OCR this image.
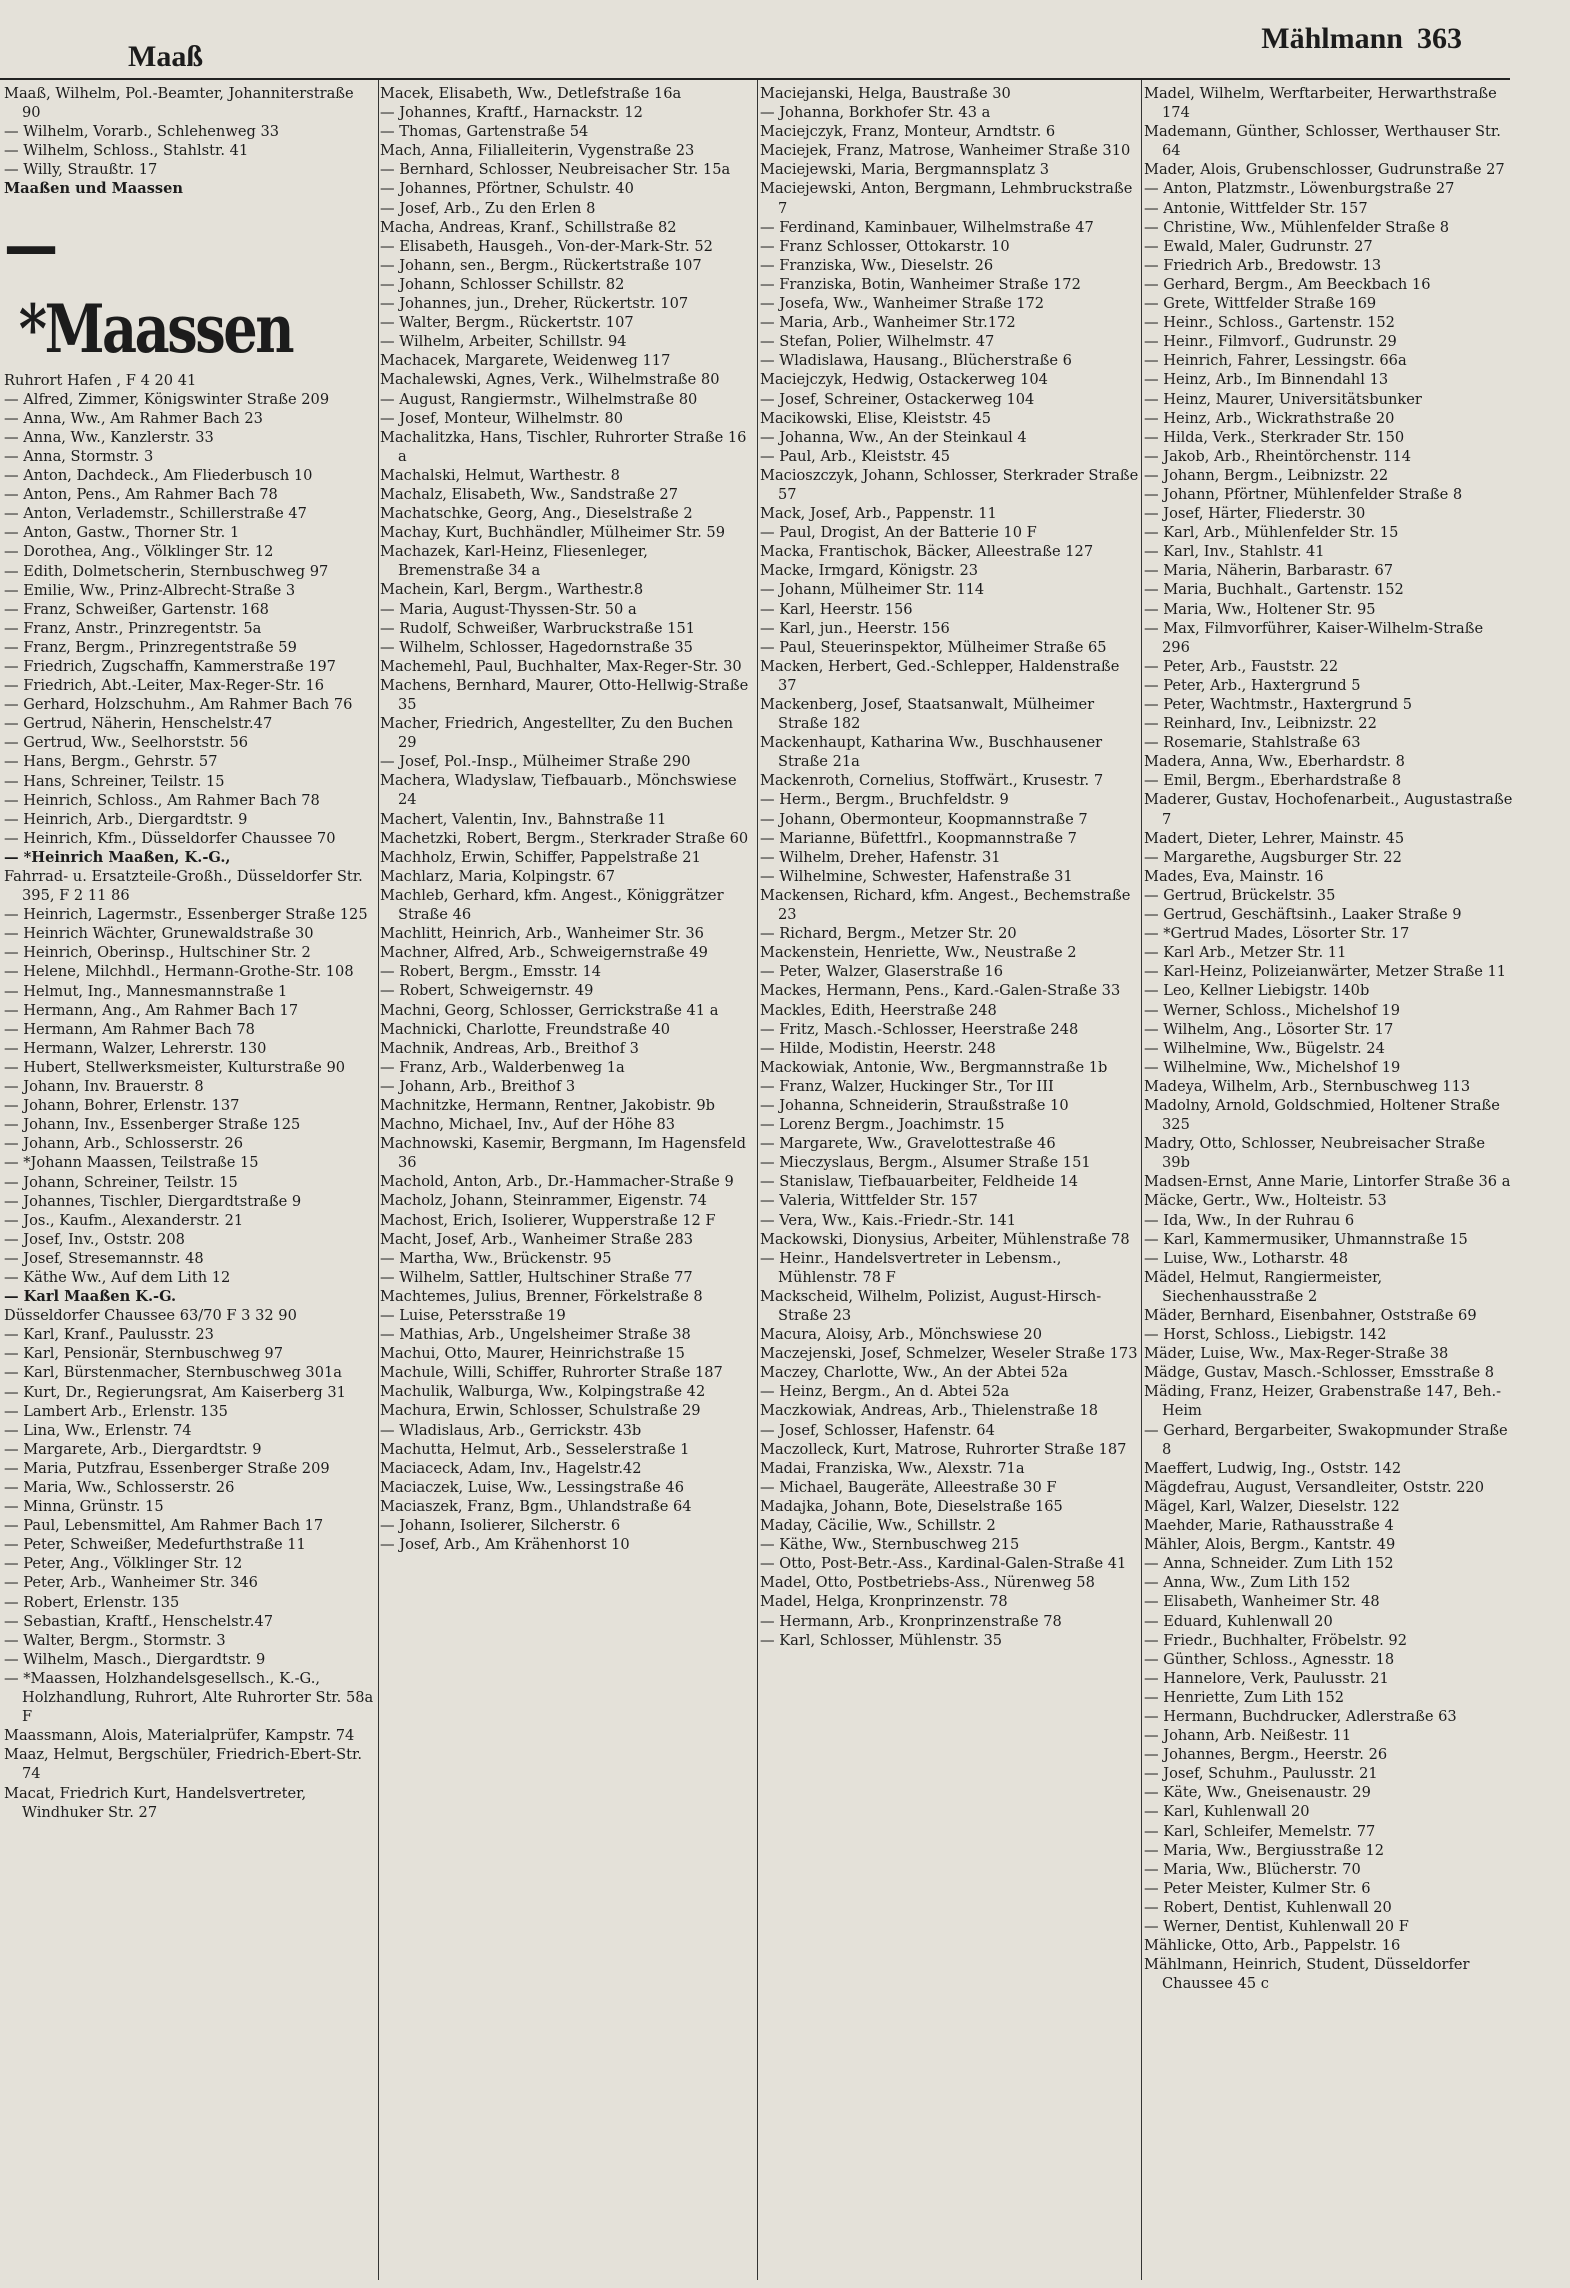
Maaß
Mählmann 363

Maaß, Wilhelm, Pol.-Beamter, Johanniterstraße 90

— Wilhelm, Vorarb., Schlehenweg 33

— Wilhelm, Schloss., Stahlstr. 41

— Willy, Straußtr. 17

Maaßen und Maassen

—*Maassen

Ruhrort Hafen , F 4 20 41

— Alfred, Zimmer, Königswinter Straße 209

— Anna, Ww., Am Rahmer Bach 23

— Anna, Ww., Kanzlerstr. 33

— Anna, Stormstr. 3

— Anton, Dachdeck., Am Fliederbusch 10

— Anton, Pens., Am Rahmer Bach 78

— Anton, Verlademstr., Schillerstraße 47

— Anton, Gastw., Thorner Str. 1

— Dorothea, Ang., Völklinger Str. 12

— Edith, Dolmetscherin, Sternbuschweg 97

— Emilie, Ww., Prinz-Albrecht-Straße 3

— Franz, Schweißer, Gartenstr. 168

— Franz, Anstr., Prinzregentstr. 5a

— Franz, Bergm., Prinzregentstraße 59

— Friedrich, Zugschaffn, Kammerstraße 197

— Friedrich, Abt.-Leiter, Max-Reger-Str. 16

— Gerhard, Holzschuhm., Am Rahmer Bach 76

— Gertrud, Näherin, Henschelstr.47

— Gertrud, Ww., Seelhorststr. 56

— Hans, Bergm., Gehrstr. 57

— Hans, Schreiner, Teilstr. 15

— Heinrich, Schloss., Am Rahmer Bach 78

— Heinrich, Arb., Diergardtstr. 9

— Heinrich, Kfm., Düsseldorfer Chaussee 70

— *Heinrich Maaßen, K.-G.,

Fahrrad- u. Ersatzteile-Großh., Düsseldorfer Str. 395, F 2 11 86

— Heinrich, Lagermstr., Essenberger Straße 125

— Heinrich Wächter, Grunewaldstraße 30

— Heinrich, Oberinsp., Hultschiner Str. 2

— Helene, Milchhdl., Hermann-Grothe-Str. 108

— Helmut, Ing., Mannesmannstraße 1

— Hermann, Ang., Am Rahmer Bach 17

— Hermann, Am Rahmer Bach 78

— Hermann, Walzer, Lehrerstr. 130

— Hubert, Stellwerksmeister, Kulturstraße 90

— Johann, Inv. Brauerstr. 8

— Johann, Bohrer, Erlenstr. 137

— Johann, Inv., Essenberger Straße 125

— Johann, Arb., Schlosserstr. 26

— *Johann Maassen, Teilstraße 15

— Johann, Schreiner, Teilstr. 15

— Johannes, Tischler, Diergardtstraße 9

— Jos., Kaufm., Alexanderstr. 21

— Josef, Inv., Oststr. 208

— Josef, Stresemannstr. 48

— Käthe Ww., Auf dem Lith 12

— Karl Maaßen K.-G.

Düsseldorfer Chaussee 63/70 F 3 32 90

— Karl, Kranf., Paulusstr. 23

— Karl, Pensionär, Sternbuschweg 97

— Karl, Bürstenmacher, Sternbuschweg 301a

— Kurt, Dr., Regierungsrat, Am Kaiserberg 31

— Lambert Arb., Erlenstr. 135

— Lina, Ww., Erlenstr. 74

— Margarete, Arb., Diergardtstr. 9

— Maria, Putzfrau, Essenberger Straße 209

— Maria, Ww., Schlosserstr. 26

— Minna, Grünstr. 15

— Paul, Lebensmittel, Am Rahmer Bach 17

— Peter, Schweißer, Medefurthstraße 11

— Peter, Ang., Völklinger Str. 12

— Peter, Arb., Wanheimer Str. 346

— Robert, Erlenstr. 135

— Sebastian, Kraftf., Henschelstr.47

— Walter, Bergm., Stormstr. 3

— Wilhelm, Masch., Diergardtstr. 9

— *Maassen, Holzhandelsgesellsch., K.-G., Holzhandlung, Ruhrort, Alte Ruhrorter Str. 58a F

Maassmann, Alois, Materialprüfer, Kampstr. 74

Maaz, Helmut, Bergschüler, Friedrich-Ebert-Str. 74

Macat, Friedrich Kurt, Handelsvertreter, Windhuker Str. 27

Macek, Elisabeth, Ww., Detlefstraße 16a

— Johannes, Kraftf., Harnackstr. 12

— Thomas, Gartenstraße 54

Mach, Anna, Filialleiterin, Vygenstraße 23

— Bernhard, Schlosser, Neubreisacher Str. 15a

— Johannes, Pförtner, Schulstr. 40

— Josef, Arb., Zu den Erlen 8

Macha, Andreas, Kranf., Schillstraße 82

— Elisabeth, Hausgeh., Von-der-Mark-Str. 52

— Johann, sen., Bergm., Rückertstraße 107

— Johann, Schlosser Schillstr. 82

— Johannes, jun., Dreher, Rückertstr. 107

— Walter, Bergm., Rückertstr. 107

— Wilhelm, Arbeiter, Schillstr. 94

Machacek, Margarete, Weidenweg 117

Machalewski, Agnes, Verk., Wilhelmstraße 80

— August, Rangiermstr., Wilhelmstraße 80

— Josef, Monteur, Wilhelmstr. 80

Machalitzka, Hans, Tischler, Ruhrorter Straße 16 a

Machalski, Helmut, Warthestr. 8

Machalz, Elisabeth, Ww., Sandstraße 27

Machatschke, Georg, Ang., Dieselstraße 2

Machay, Kurt, Buchhändler, Mülheimer Str. 59

Machazek, Karl-Heinz, Fliesenleger, Bremenstraße 34 a

Machein, Karl, Bergm., Warthestr.8

— Maria, August-Thyssen-Str. 50 a

— Rudolf, Schweißer, Warbruckstraße 151

— Wilhelm, Schlosser, Hagedornstraße 35

Machemehl, Paul, Buchhalter, Max-Reger-Str. 30

Machens, Bernhard, Maurer, Otto-Hellwig-Straße 35

Macher, Friedrich, Angestellter, Zu den Buchen 29

— Josef, Pol.-Insp., Mülheimer Straße 290

Machera, Wladyslaw, Tiefbauarb., Mönchswiese 24

Machert, Valentin, Inv., Bahnstraße 11

Machetzki, Robert, Bergm., Sterkrader Straße 60

Machholz, Erwin, Schiffer, Pappelstraße 21

Machlarz, Maria, Kolpingstr. 67

Machleb, Gerhard, kfm. Angest., Königgrätzer Straße 46

Machlitt, Heinrich, Arb., Wanheimer Str. 36

Machner, Alfred, Arb., Schweigernstraße 49

— Robert, Bergm., Emsstr. 14

— Robert, Schweigernstr. 49

Machni, Georg, Schlosser, Gerrickstraße 41 a

Machnicki, Charlotte, Freundstraße 40

Machnik, Andreas, Arb., Breithof 3

— Franz, Arb., Walderbenweg 1a

— Johann, Arb., Breithof 3

Machnitzke, Hermann, Rentner, Jakobistr. 9b

Machno, Michael, Inv., Auf der Höhe 83

Machnowski, Kasemir, Bergmann, Im Hagensfeld 36

Machold, Anton, Arb., Dr.-Hammacher-Straße 9

Macholz, Johann, Steinrammer, Eigenstr. 74

Machost, Erich, Isolierer, Wupperstraße 12 F

Macht, Josef, Arb., Wanheimer Straße 283

— Martha, Ww., Brückenstr. 95

— Wilhelm, Sattler, Hultschiner Straße 77

Machtemes, Julius, Brenner, Förkelstraße 8

— Luise, Petersstraße 19

— Mathias, Arb., Ungelsheimer Straße 38

Machui, Otto, Maurer, Heinrichstraße 15

Machule, Willi, Schiffer, Ruhrorter Straße 187

Machulik, Walburga, Ww., Kolpingstraße 42

Machura, Erwin, Schlosser, Schulstraße 29

— Wladislaus, Arb., Gerrickstr. 43b

Machutta, Helmut, Arb., Sesselerstraße 1

Maciaceck, Adam, Inv., Hagelstr.42

Maciaczek, Luise, Ww., Lessingstraße 46

Maciaszek, Franz, Bgm., Uhlandstraße 64

— Johann, Isolierer, Silcherstr. 6

— Josef, Arb., Am Krähenhorst 10

Maciejanski, Helga, Baustraße 30

— Johanna, Borkhofer Str. 43 a

Maciejczyk, Franz, Monteur, Arndtstr. 6

Maciejek, Franz, Matrose, Wanheimer Straße 310

Maciejewski, Maria, Bergmannsplatz 3

Maciejewski, Anton, Bergmann, Lehmbruckstraße 7

— Ferdinand, Kaminbauer, Wilhelmstraße 47

— Franz Schlosser, Ottokarstr. 10

— Franziska, Ww., Dieselstr. 26

— Franziska, Botin, Wanheimer Straße 172

— Josefa, Ww., Wanheimer Straße 172

— Maria, Arb., Wanheimer Str.172

— Stefan, Polier, Wilhelmstr. 47

— Wladislawa, Hausang., Blücherstraße 6

Maciejczyk, Hedwig, Ostackerweg 104

— Josef, Schreiner, Ostackerweg 104

Macikowski, Elise, Kleiststr. 45

— Johanna, Ww., An der Steinkaul 4

— Paul, Arb., Kleiststr. 45

Macioszczyk, Johann, Schlosser, Sterkrader Straße 57

Mack, Josef, Arb., Pappenstr. 11

— Paul, Drogist, An der Batterie 10 F

Macka, Frantischok, Bäcker, Alleestraße 127

Macke, Irmgard, Königstr. 23

— Johann, Mülheimer Str. 114

— Karl, Heerstr. 156

— Karl, jun., Heerstr. 156

— Paul, Steuerinspektor, Mülheimer Straße 65

Macken, Herbert, Ged.-Schlepper, Haldenstraße 37

Mackenberg, Josef, Staatsanwalt, Mülheimer Straße 182

Mackenhaupt, Katharina Ww., Buschhausener Straße 21a

Mackenroth, Cornelius, Stoffwärt., Krusestr. 7

— Herm., Bergm., Bruchfeldstr. 9

— Johann, Obermonteur, Koopmannstraße 7

— Marianne, Büfettfrl., Koopmannstraße 7

— Wilhelm, Dreher, Hafenstr. 31

— Wilhelmine, Schwester, Hafenstraße 31

Mackensen, Richard, kfm. Angest., Bechemstraße 23

— Richard, Bergm., Metzer Str. 20

Mackenstein, Henriette, Ww., Neustraße 2

— Peter, Walzer, Glaserstraße 16

Mackes, Hermann, Pens., Kard.-Galen-Straße 33

Mackles, Edith, Heerstraße 248

— Fritz, Masch.-Schlosser, Heerstraße 248

— Hilde, Modistin, Heerstr. 248

Mackowiak, Antonie, Ww., Bergmannstraße 1b

— Franz, Walzer, Huckinger Str., Tor III

— Johanna, Schneiderin, Straußstraße 10

— Lorenz Bergm., Joachimstr. 15

— Margarete, Ww., Gravelottestraße 46

— Mieczyslaus, Bergm., Alsumer Straße 151

— Stanislaw, Tiefbauarbeiter, Feldheide 14

— Valeria, Wittfelder Str. 157

— Vera, Ww., Kais.-Friedr.-Str. 141

Mackowski, Dionysius, Arbeiter, Mühlenstraße 78

— Heinr., Handelsvertreter in Lebensm., Mühlenstr. 78 F

Mackscheid, Wilhelm, Polizist, August-Hirsch-Straße 23

Macura, Aloisy, Arb., Mönchswiese 20

Maczejenski, Josef, Schmelzer, Weseler Straße 173

Maczey, Charlotte, Ww., An der Abtei 52a

— Heinz, Bergm., An d. Abtei 52a

Maczkowiak, Andreas, Arb., Thielenstraße 18

— Josef, Schlosser, Hafenstr. 64

Maczolleck, Kurt, Matrose, Ruhrorter Straße 187

Madai, Franziska, Ww., Alexstr. 71a

— Michael, Baugeräte, Alleestraße 30 F

Madajka, Johann, Bote, Dieselstraße 165

Maday, Cäcilie, Ww., Schillstr. 2

— Käthe, Ww., Sternbuschweg 215

— Otto, Post-Betr.-Ass., Kardinal-Galen-Straße 41

Madel, Otto, Postbetriebs-Ass., Nürenweg 58

Madel, Helga, Kronprinzenstr. 78

— Hermann, Arb., Kronprinzenstraße 78

— Karl, Schlosser, Mühlenstr. 35

Madel, Wilhelm, Werftarbeiter, Herwarthstraße 174

Mademann, Günther, Schlosser, Werthauser Str. 64

Mader, Alois, Grubenschlosser, Gudrunstraße 27

— Anton, Platzmstr., Löwenburgstraße 27

— Antonie, Wittfelder Str. 157

— Christine, Ww., Mühlenfelder Straße 8

— Ewald, Maler, Gudrunstr. 27

— Friedrich Arb., Bredowstr. 13

— Gerhard, Bergm., Am Beeckbach 16

— Grete, Wittfelder Straße 169

— Heinr., Schloss., Gartenstr. 152

— Heinr., Filmvorf., Gudrunstr. 29

— Heinrich, Fahrer, Lessingstr. 66a

— Heinz, Arb., Im Binnendahl 13

— Heinz, Maurer, Universitätsbunker

— Heinz, Arb., Wickrathstraße 20

— Hilda, Verk., Sterkrader Str. 150

— Jakob, Arb., Rheintörchenstr. 114

— Johann, Bergm., Leibnizstr. 22

— Johann, Pförtner, Mühlenfelder Straße 8

— Josef, Härter, Fliederstr. 30

— Karl, Arb., Mühlenfelder Str. 15

— Karl, Inv., Stahlstr. 41

— Maria, Näherin, Barbarastr. 67

— Maria, Buchhalt., Gartenstr. 152

— Maria, Ww., Holtener Str. 95

— Max, Filmvorführer, Kaiser-Wilhelm-Straße 296

— Peter, Arb., Fauststr. 22

— Peter, Arb., Haxtergrund 5

— Peter, Wachtmstr., Haxtergrund 5

— Reinhard, Inv., Leibnizstr. 22

— Rosemarie, Stahlstraße 63

Madera, Anna, Ww., Eberhardstr. 8

— Emil, Bergm., Eberhardstraße 8

Maderer, Gustav, Hochofenarbeit., Augustastraße 7

Madert, Dieter, Lehrer, Mainstr. 45

— Margarethe, Augsburger Str. 22

Mades, Eva, Mainstr. 16

— Gertrud, Brückelstr. 35

— Gertrud, Geschäftsinh., Laaker Straße 9

— *Gertrud Mades, Lösorter Str. 17

— Karl Arb., Metzer Str. 11

— Karl-Heinz, Polizeianwärter, Metzer Straße 11

— Leo, Kellner Liebigstr. 140b

— Werner, Schloss., Michelshof 19

— Wilhelm, Ang., Lösorter Str. 17

— Wilhelmine, Ww., Bügelstr. 24

— Wilhelmine, Ww., Michelshof 19

Madeya, Wilhelm, Arb., Sternbuschweg 113

Madolny, Arnold, Goldschmied, Holtener Straße 325

Madry, Otto, Schlosser, Neubreisacher Straße 39b

Madsen-Ernst, Anne Marie, Lintorfer Straße 36 a

Mäcke, Gertr., Ww., Holteistr. 53

— Ida, Ww., In der Ruhrau 6

— Karl, Kammermusiker, Uhmannstraße 15

— Luise, Ww., Lotharstr. 48

Mädel, Helmut, Rangiermeister, Siechenhausstraße 2

Mäder, Bernhard, Eisenbahner, Oststraße 69

— Horst, Schloss., Liebigstr. 142

Mäder, Luise, Ww., Max-Reger-Straße 38

Mädge, Gustav, Masch.-Schlosser, Emsstraße 8

Mäding, Franz, Heizer, Grabenstraße 147, Beh.-Heim

— Gerhard, Bergarbeiter, Swakopmunder Straße 8

Maeffert, Ludwig, Ing., Oststr. 142

Mägdefrau, August, Versandleiter, Oststr. 220

Mägel, Karl, Walzer, Dieselstr. 122

Maehder, Marie, Rathausstraße 4

Mähler, Alois, Bergm., Kantstr. 49

— Anna, Schneider. Zum Lith 152

— Anna, Ww., Zum Lith 152

— Elisabeth, Wanheimer Str. 48

— Eduard, Kuhlenwall 20

— Friedr., Buchhalter, Fröbelstr. 92

— Günther, Schloss., Agnesstr. 18

— Hannelore, Verk, Paulusstr. 21

— Henriette, Zum Lith 152

— Hermann, Buchdrucker, Adlerstraße 63

— Johann, Arb. Neißestr. 11

— Johannes, Bergm., Heerstr. 26

— Josef, Schuhm., Paulusstr. 21

— Käte, Ww., Gneisenaustr. 29

— Karl, Kuhlenwall 20

— Karl, Schleifer, Memelstr. 77

— Maria, Ww., Bergiusstraße 12

— Maria, Ww., Blücherstr. 70

— Peter Meister, Kulmer Str. 6

— Robert, Dentist, Kuhlenwall 20

— Werner, Dentist, Kuhlenwall 20 F

Mählicke, Otto, Arb., Pappelstr. 16

Mählmann, Heinrich, Student, Düsseldorfer Chaussee 45 c
